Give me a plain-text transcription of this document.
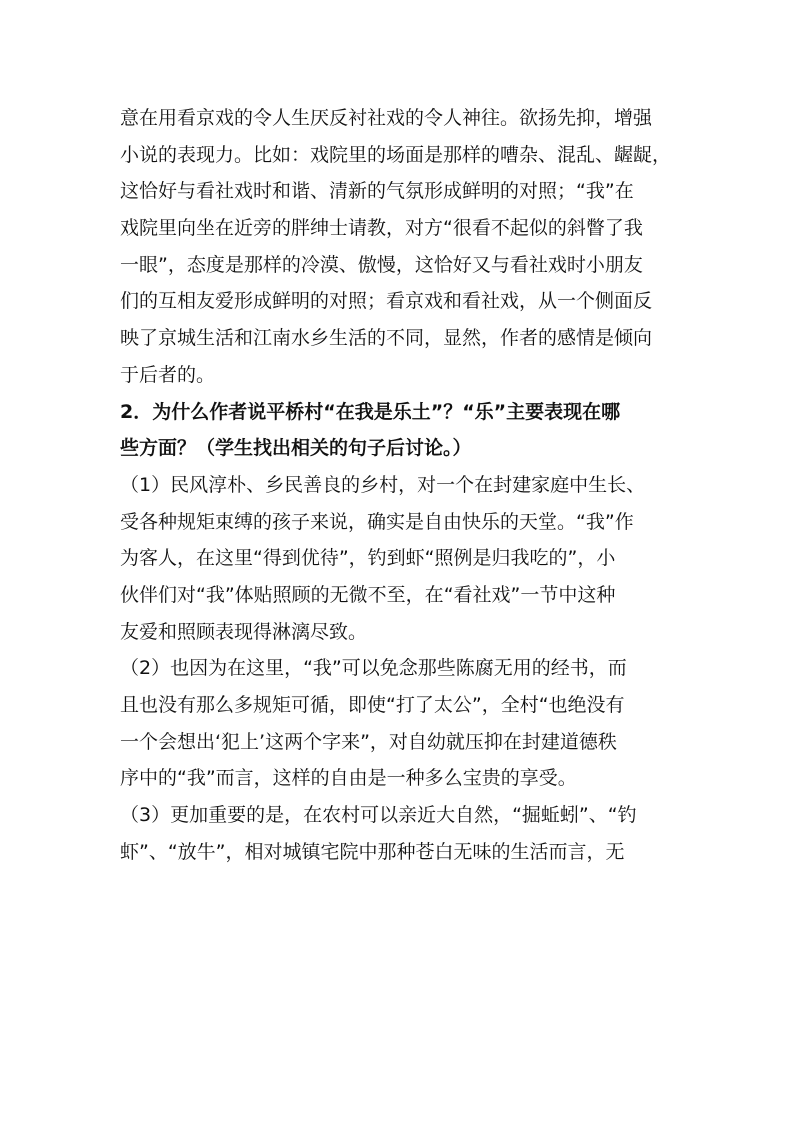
意在用看京戏的令人生厌反衬社戏的令人神往。欲扬先抑，增强
小说的表现力。比如：戏院里的场面是那样的嘈杂、混乱、龌龊，
这恰好与看社戏时和谐、清新的气氛形成鲜明的对照；“我”在
戏院里向坐在近旁的胖绅士请教，对方“很看不起似的斜瞥了我
一眼”，态度是那样的冷漠、傲慢，这恰好又与看社戏时小朋友
们的互相友爱形成鲜明的对照；看京戏和看社戏，从一个侧面反
映了京城生活和江南水乡生活的不同，显然，作者的感情是倾向
于后者的。
2．为什么作者说平桥村“在我是乐土”？“乐”主要表现在哪
些方面？（学生找出相关的句子后讨论。）
（1）民风淳朴、乡民善良的乡村，对一个在封建家庭中生长、
受各种规矩束缚的孩子来说，确实是自由快乐的天堂。“我”作
为客人，在这里“得到优待”，钓到虾“照例是归我吃的”，小
伙伴们对“我”体贴照顾的无微不至，在“看社戏”一节中这种
友爱和照顾表现得淋漓尽致。
（2）也因为在这里，“我”可以免念那些陈腐无用的经书，而
且也没有那么多规矩可循，即使“打了太公”，全村“也绝没有
一个会想出‘犯上’这两个字来”，对自幼就压抑在封建道德秩
序中的“我”而言，这样的自由是一种多么宝贵的享受。
（3）更加重要的是，在农村可以亲近大自然，“掘蚯蚓”、“钓
虾”、“放牛”，相对城镇宅院中那种苍白无味的生活而言，无
